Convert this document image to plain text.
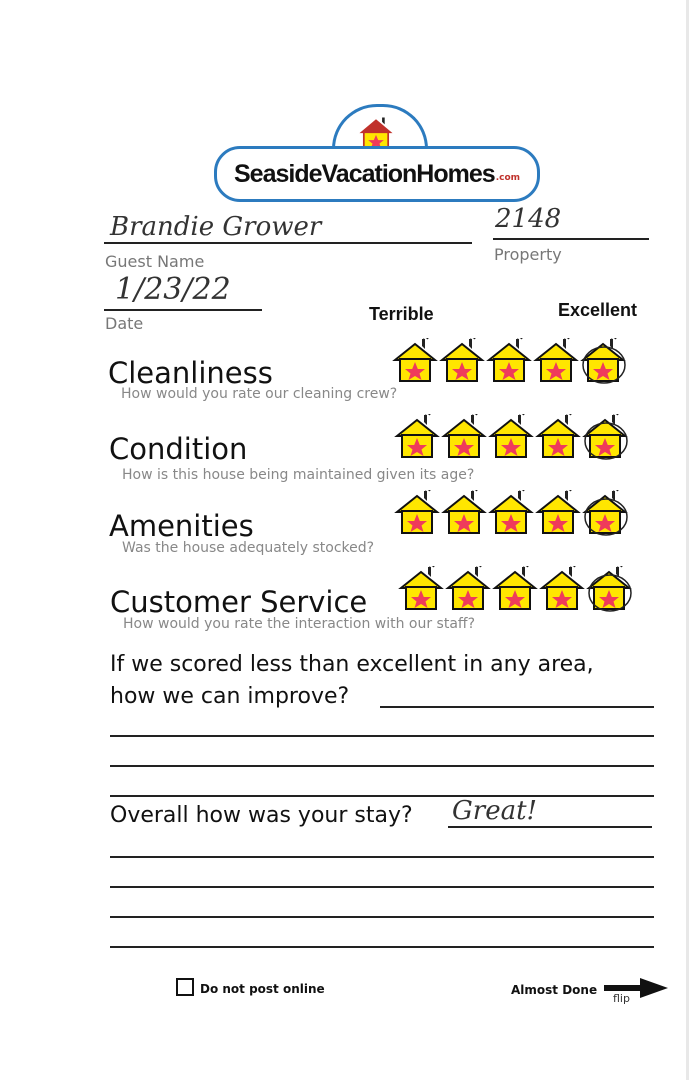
SeasideVacationHomes .com
Brandie Grower
Guest Name
2148
Property
1/23/22
Date	Terrible	Excellent
Cleanliness
How would you rate our cleaning crew?
Condition
How is this house being maintained given its age?
Amenities
Was the house adequately stocked?
Customer Service
How would you rate the interaction with our staff?
If we scored less than excellent in any area,
how we can improve?
Overall how was your stay? Great!
Do not post online	Almost Done
flip
